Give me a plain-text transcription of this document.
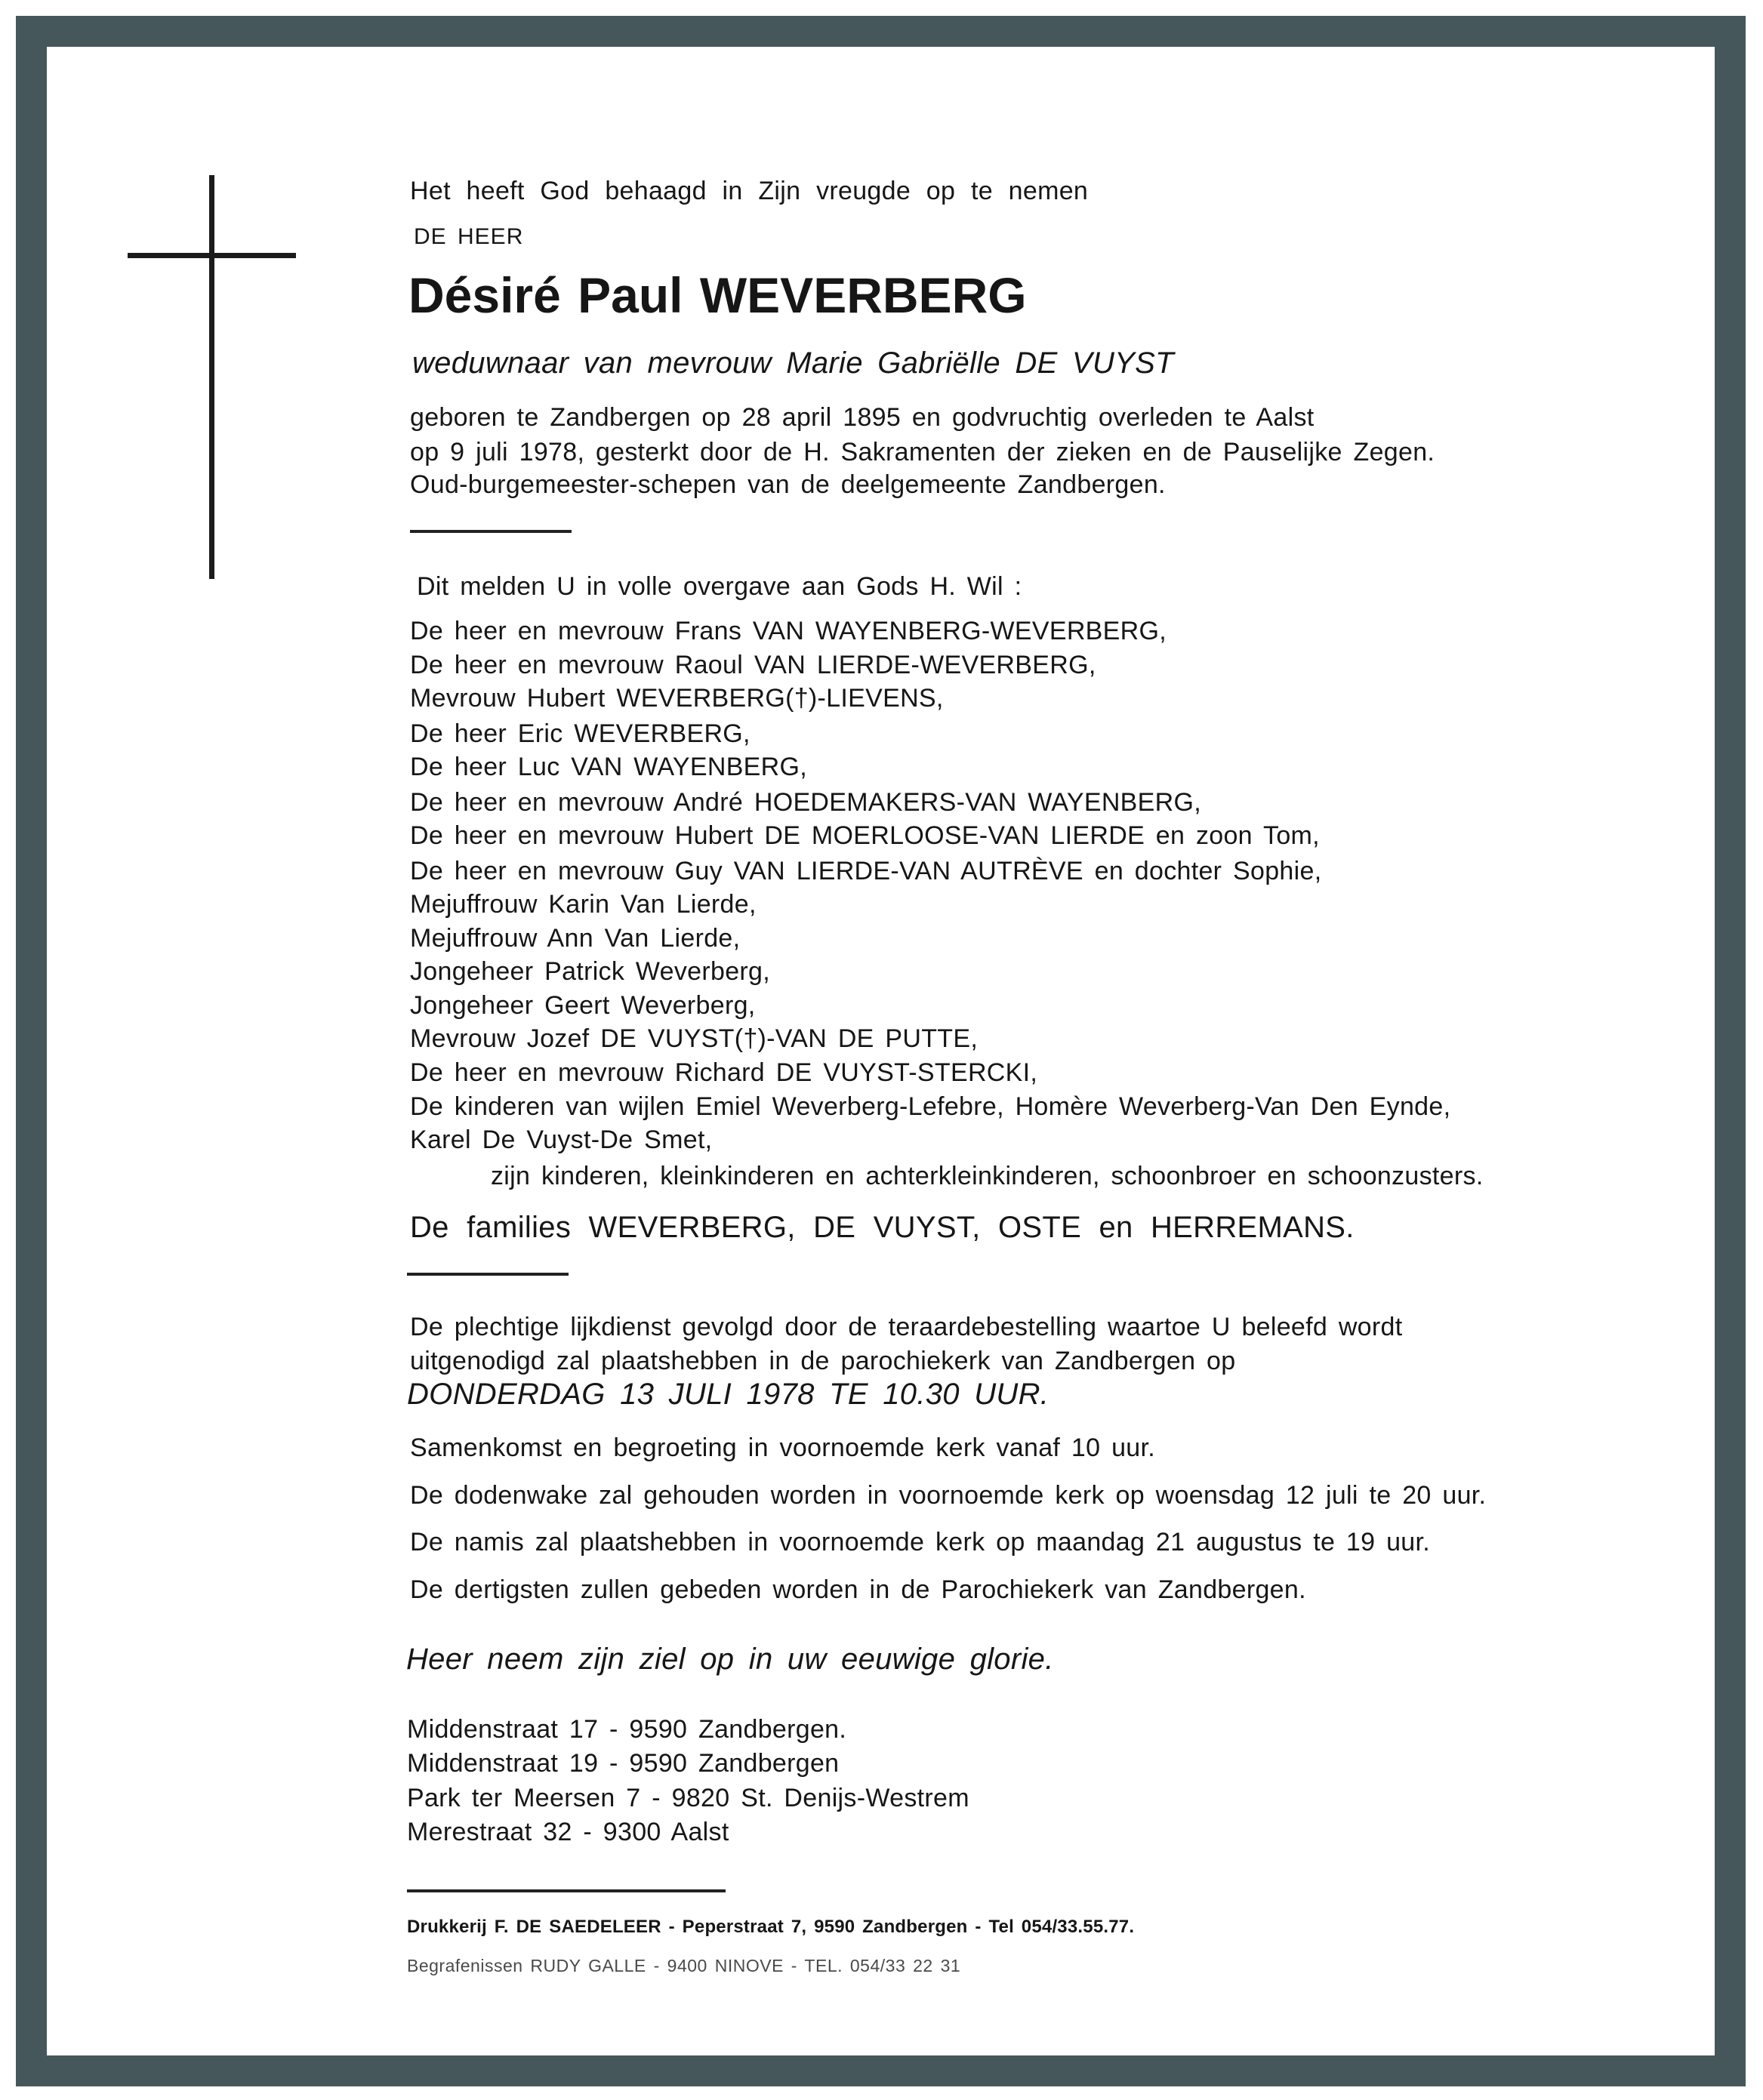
Het heeft God behaagd in Zijn vreugde op te nemen
DE HEER
Désiré Paul WEVERBERG
weduwnaar van mevrouw Marie Gabriëlle DE VUYST
geboren te Zandbergen op 28 april 1895 en godvruchtig overleden te Aalst
op 9 juli 1978, gesterkt door de H. Sakramenten der zieken en de Pauselijke Zegen.
Oud-burgemeester-schepen van de deelgemeente Zandbergen.
Dit melden U in volle overgave aan Gods H. Wil :
De heer en mevrouw Frans VAN WAYENBERG-WEVERBERG,
De heer en mevrouw Raoul VAN LIERDE-WEVERBERG,
Mevrouw Hubert WEVERBERG(†)-LIEVENS,
De heer Eric WEVERBERG,
De heer Luc VAN WAYENBERG,
De heer en mevrouw André HOEDEMAKERS-VAN WAYENBERG,
De heer en mevrouw Hubert DE MOERLOOSE-VAN LIERDE en zoon Tom,
De heer en mevrouw Guy VAN LIERDE-VAN AUTRÈVE en dochter Sophie,
Mejuffrouw Karin Van Lierde,
Mejuffrouw Ann Van Lierde,
Jongeheer Patrick Weverberg,
Jongeheer Geert Weverberg,
Mevrouw Jozef DE VUYST(†)-VAN DE PUTTE,
De heer en mevrouw Richard DE VUYST-STERCKI,
De kinderen van wijlen Emiel Weverberg-Lefebre, Homère Weverberg-Van Den Eynde,
Karel De Vuyst-De Smet,
zijn kinderen, kleinkinderen en achterkleinkinderen, schoonbroer en schoonzusters.
De families WEVERBERG, DE VUYST, OSTE en HERREMANS.
De plechtige lijkdienst gevolgd door de teraardebestelling waartoe U beleefd wordt
uitgenodigd zal plaatshebben in de parochiekerk van Zandbergen op
DONDERDAG 13 JULI 1978 TE 10.30 UUR.
Samenkomst en begroeting in voornoemde kerk vanaf 10 uur.
De dodenwake zal gehouden worden in voornoemde kerk op woensdag 12 juli te 20 uur.
De namis zal plaatshebben in voornoemde kerk op maandag 21 augustus te 19 uur.
De dertigsten zullen gebeden worden in de Parochiekerk van Zandbergen.
Heer neem zijn ziel op in uw eeuwige glorie.
Middenstraat 17 - 9590 Zandbergen.
Middenstraat 19 - 9590 Zandbergen
Park ter Meersen 7 - 9820 St. Denijs-Westrem
Merestraat 32 - 9300 Aalst
Drukkerij F. DE SAEDELEER - Peperstraat 7, 9590 Zandbergen - Tel 054/33.55.77.
Begrafenissen RUDY GALLE - 9400 NINOVE - TEL. 054/33 22 31
